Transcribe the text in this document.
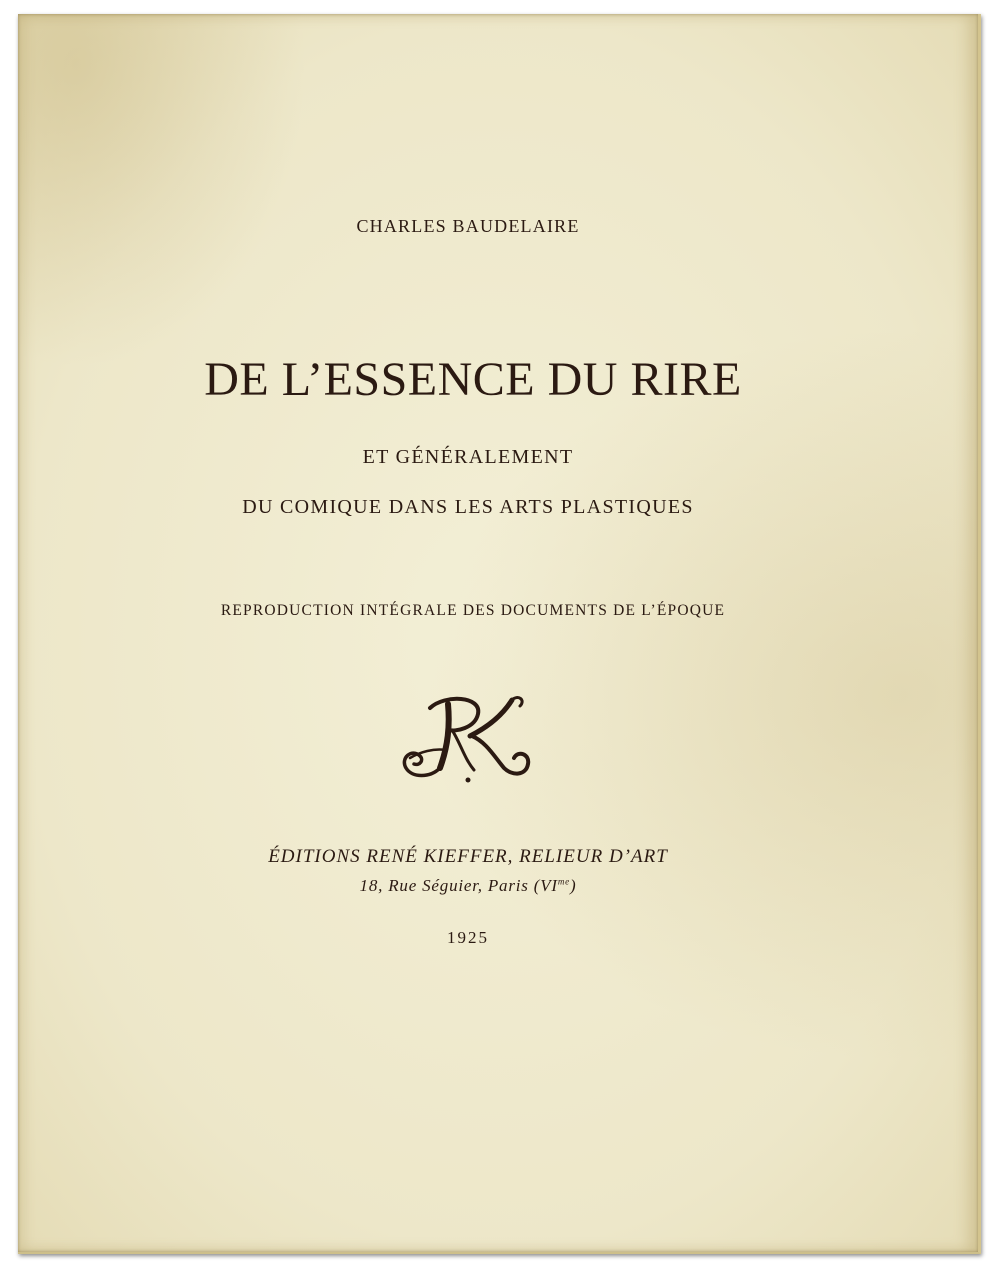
CHARLES BAUDELAIRE
DE L’ESSENCE DU RIRE
ET GÉNÉRALEMENT
DU COMIQUE DANS LES ARTS PLASTIQUES
REPRODUCTION INTÉGRALE DES DOCUMENTS DE L’ÉPOQUE
ÉDITIONS RENÉ KIEFFER, RELIEUR D’ART
18, Rue Séguier, Paris $(VI^{me})$
1925
